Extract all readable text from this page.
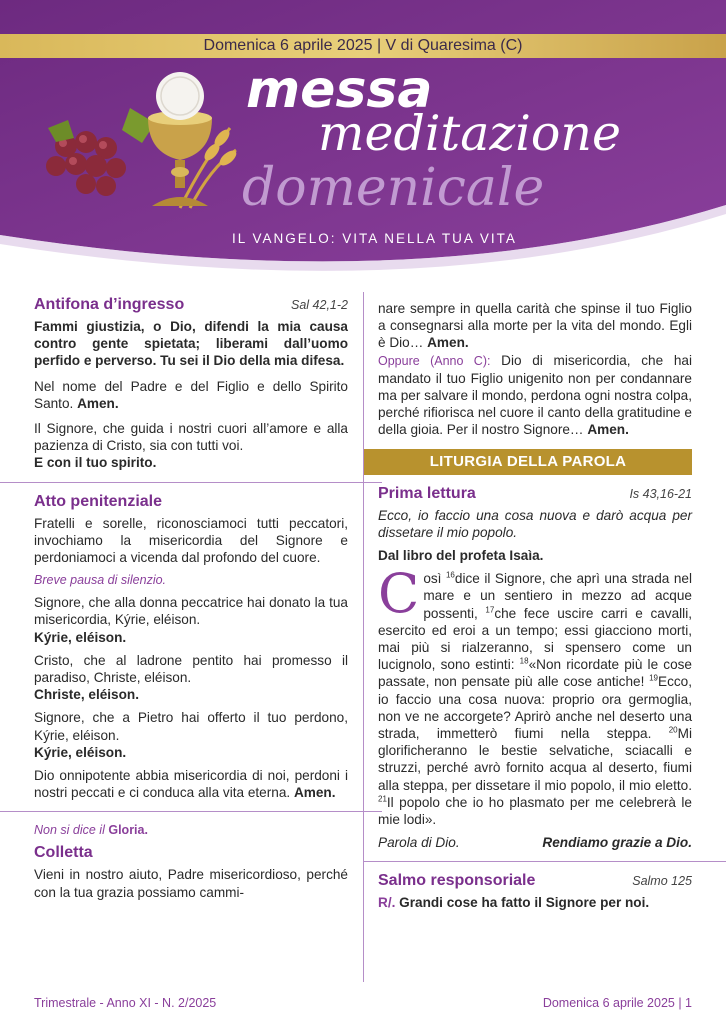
Domenica 6 aprile 2025 | V di Quaresima (C)
messa
meditazione
domenicale
IL VANGELO: VITA NELLA TUA VITA
Antifona d’ingresso	Sal 42,1-2

Fammi giustizia, o Dio, difendi la mia causa contro gente spietata; liberami dall’uomo perfido e perverso. Tu sei il Dio della mia difesa.

Nel nome del Padre e del Figlio e dello Spirito Santo. Amen.

Il Signore, che guida i nostri cuori all’amore e alla pazienza di Cristo, sia con tutti voi.

E con il tuo spirito.

Atto penitenziale

Fratelli e sorelle, riconosciamoci tutti peccatori, invochiamo la misericordia del Signore e perdoniamoci a vicenda dal profondo del cuore.

Breve pausa di silenzio.

Signore, che alla donna peccatrice hai donato la tua misericordia, Kýrie, eléison.

Kýrie, eléison.

Cristo, che al ladrone pentito hai promesso il paradiso, Christe, eléison.

Christe, eléison.

Signore, che a Pietro hai offerto il tuo perdono, Kýrie, eléison.

Kýrie, eléison.

Dio onnipotente abbia misericordia di noi, perdoni i nostri peccati e ci conduca alla vita eterna. Amen.

Non si dice il Gloria.

Colletta

Vieni in nostro aiuto, Padre misericordioso, perché con la tua grazia possiamo cammi-

nare sempre in quella carità che spinse il tuo Figlio a consegnarsi alla morte per la vita del mondo. Egli è Dio… Amen.

Oppure (Anno C): Dio di misericordia, che hai mandato il tuo Figlio unigenito non per condannare ma per salvare il mondo, perdona ogni nostra colpa, perché rifiorisca nel cuore il canto della gratitudine e della gioia. Per il nostro Signore… Amen.

LITURGIA DELLA PAROLA
Prima lettura	Is 43,16-21

Ecco, io faccio una cosa nuova e darò acqua per dissetare il mio popolo.

Dal libro del profeta Isaìa.

Così $^{16}$dice il Signore, che aprì una strada nel mare e un sentiero in mezzo ad acque possenti, $^{17}$che fece uscire carri e cavalli, esercito ed eroi a un tempo; essi giacciono morti, mai più si rialzeranno, si spensero come un lucignolo, sono estinti: $^{18}$«Non ricordate più le cose passate, non pensate più alle cose antiche! $^{19}$Ecco, io faccio una cosa nuova: proprio ora germoglia, non ve ne accorgete? Aprirò anche nel deserto una strada, immetterò fiumi nella steppa. $^{20}$Mi glorificheranno le bestie selvatiche, sciacalli e struzzi, perché avrò fornito acqua al deserto, fiumi alla steppa, per dissetare il mio popolo, il mio eletto. $^{21}$Il popolo che io ho plasmato per me celebrerà le mie lodi».

Parola di Dio.	Rendiamo grazie a Dio.
Salmo responsoriale	Salmo 125

R/. Grandi cose ha fatto il Signore per noi.

Trimestrale - Anno XI - N. 2/2025	Domenica 6 aprile 2025 | 1
